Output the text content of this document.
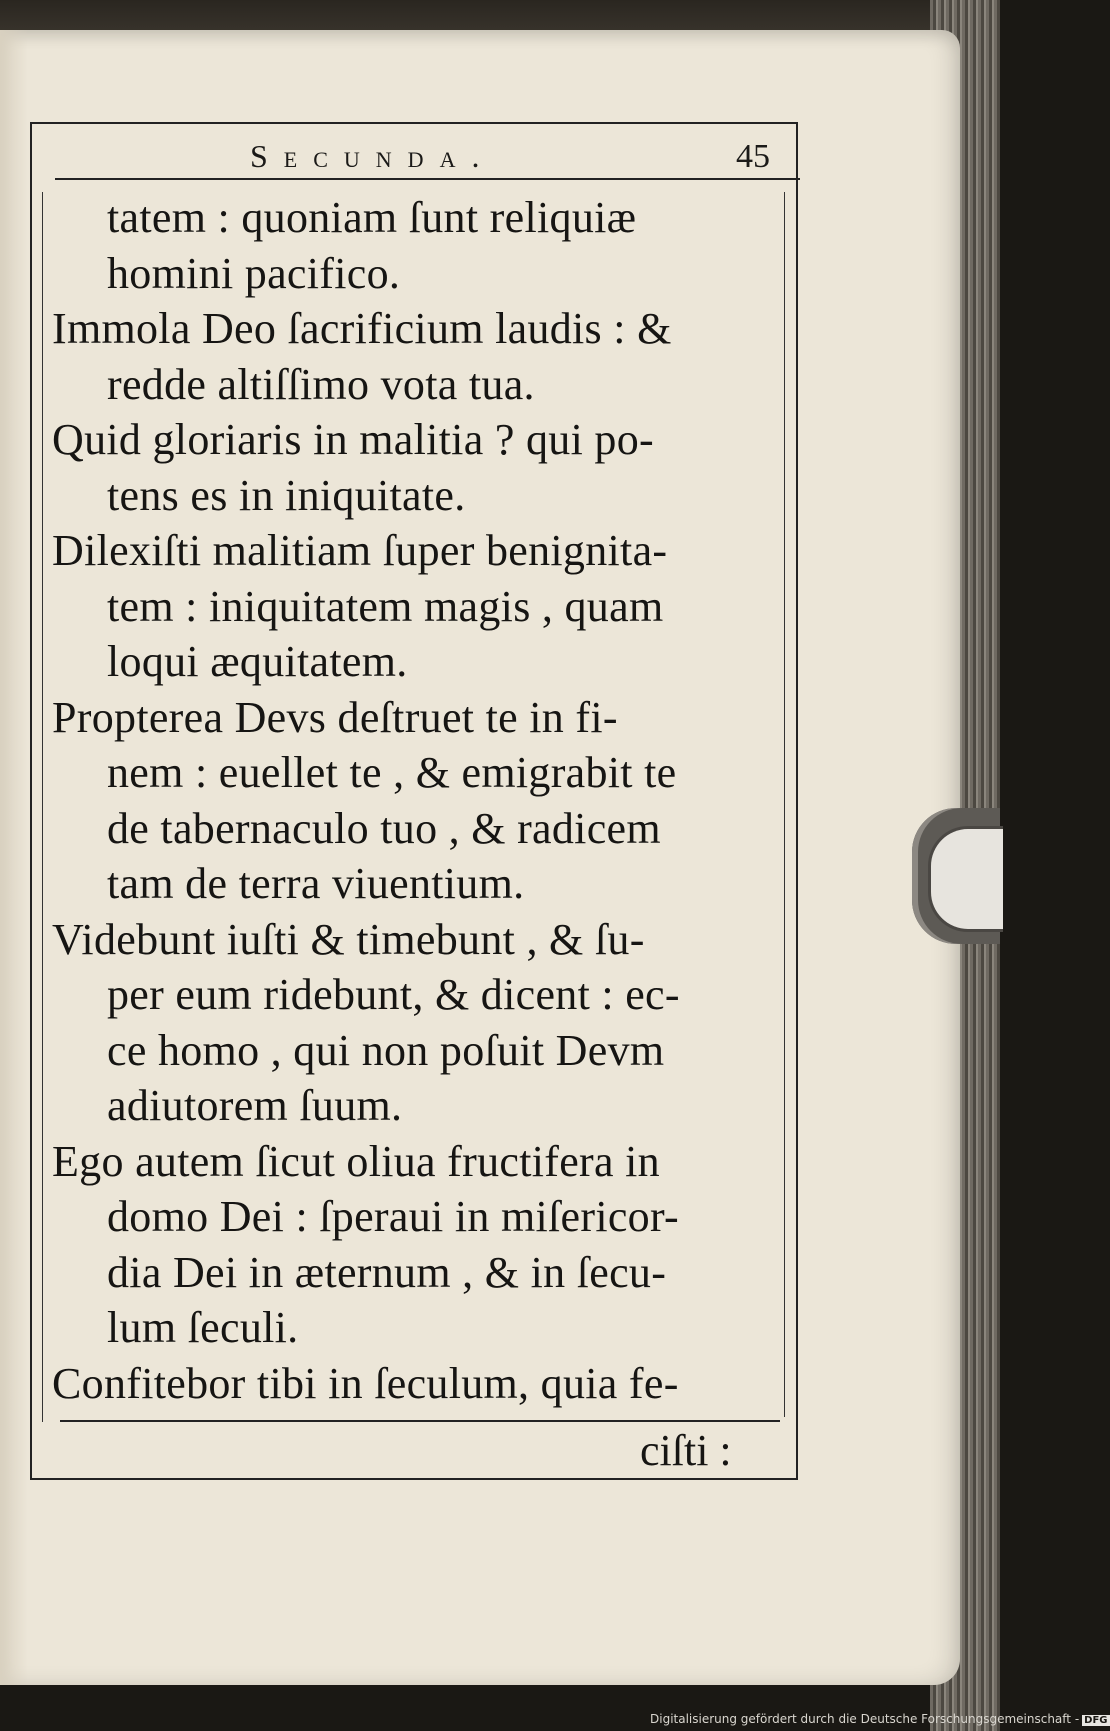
Secunda.	45

tatem : quoniam ſunt reliquiæ
homini pacifico.

Immola Deo ſacrificium laudis : &
redde altiſſimo vota tua.

Quid gloriaris in malitia ? qui po-
tens es in iniquitate.

Dilexiſti malitiam ſuper benignita-
tem : iniquitatem magis , quam
loqui æquitatem.

Propterea Devs deſtruet te in fi-
nem : euellet te , & emigrabit te
de tabernaculo tuo , & radicem
tam de terra viuentium.

Videbunt iuſti & timebunt , & ſu-
per eum ridebunt, & dicent : ec-
ce homo , qui non poſuit Devm
adiutorem ſuum.

Ego autem ſicut oliua fructifera in
domo Dei : ſperaui in miſericor-
dia Dei in æternum , & in ſecu-
lum ſeculi.

Confitebor tibi in ſeculum, quia fe-

ciſti :
Digitalisierung gefördert durch die Deutsche Forschungsgemeinschaft - DFG
